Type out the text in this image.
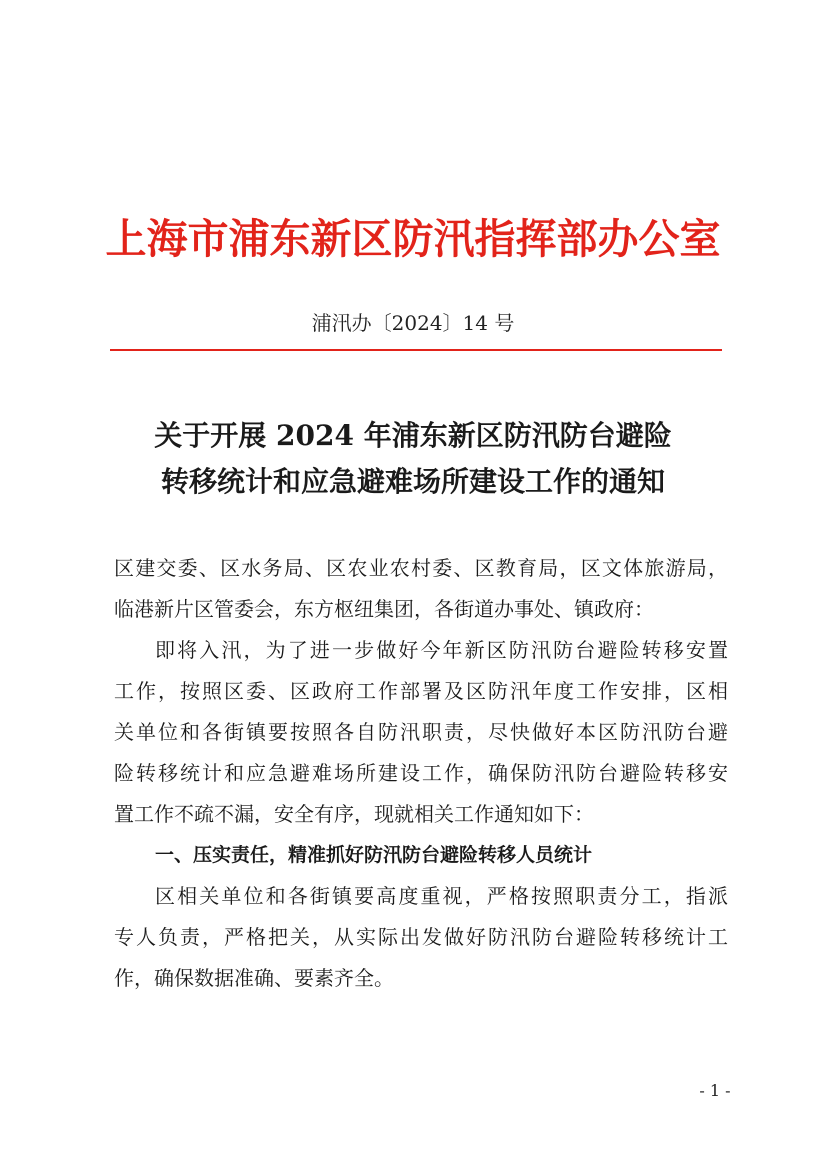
上海市浦东新区防汛指挥部办公室
浦汛办〔2024〕14 号
关于开展 2024 年浦东新区防汛防台避险
转移统计和应急避难场所建设工作的通知
区建交委、区水务局、区农业农村委、区教育局，区文体旅游局，
临港新片区管委会，东方枢纽集团，各街道办事处、镇政府：
即将入汛，为了进一步做好今年新区防汛防台避险转移安置
工作，按照区委、区政府工作部署及区防汛年度工作安排，区相
关单位和各街镇要按照各自防汛职责，尽快做好本区防汛防台避
险转移统计和应急避难场所建设工作，确保防汛防台避险转移安
置工作不疏不漏，安全有序，现就相关工作通知如下：
一、压实责任，精准抓好防汛防台避险转移人员统计
区相关单位和各街镇要高度重视，严格按照职责分工，指派
专人负责，严格把关，从实际出发做好防汛防台避险转移统计工
作，确保数据准确、要素齐全。
- 1 -
